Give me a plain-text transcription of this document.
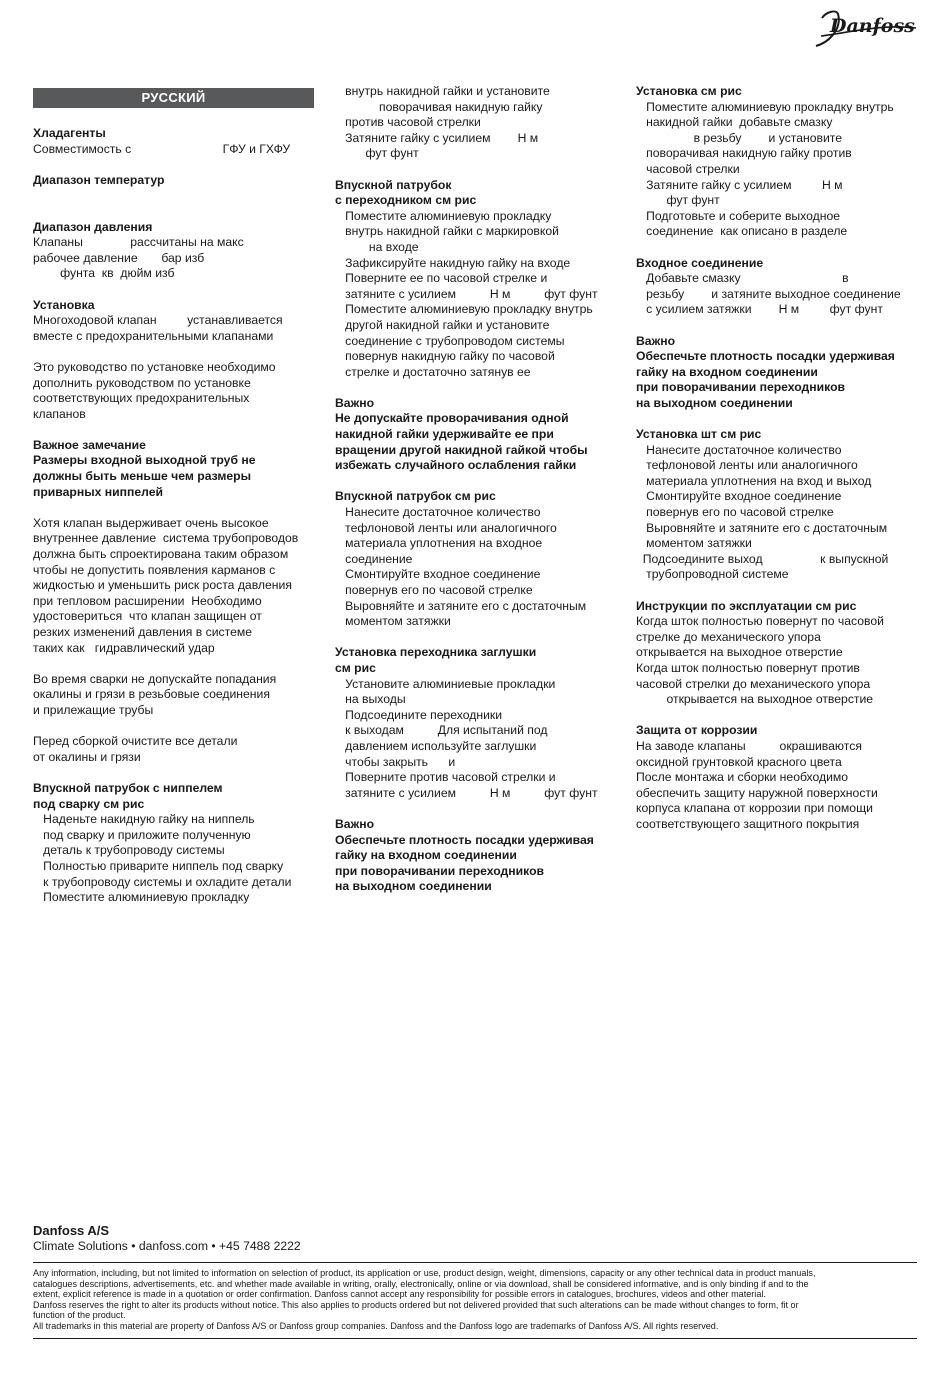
Danfoss
РУССКИЙ
Хладагенты
Совместимость с                           ГФУ и ГХФУ
Диапазон температур
Диапазон давления
Клапаны              рассчитаны на макс
рабочее давление       бар изб
фунта  кв  дюйм изб
Установка
Многоходовой клапан         устанавливается
вместе с предохранительными клапанами
Это руководство по установке необходимо
дополнить руководством по установке
соответствующих предохранительных
клапанов
Важное замечание
Размеры входной выходной труб не
должны быть меньше чем размеры
приварных ниппелей
Хотя клапан выдерживает очень высокое
внутреннее давление  система трубопроводов
должна быть спроектирована таким образом
чтобы не допустить появления карманов с
жидкостью и уменьшить риск роста давления
при тепловом расширении  Необходимо
удостовериться  что клапан защищен от
резких изменений давления в системе
таких как   гидравлический удар
Во время сварки не допускайте попадания
окалины и грязи в резьбовые соединения
и прилежащие трубы
Перед сборкой очистите все детали
от окалины и грязи
Впускной патрубок с ниппелем
под сварку см рис
Наденьте накидную гайку на ниппель
под сварку и приложите полученную
деталь к трубопроводу системы
Полностью приварите ниппель под сварку
к трубопроводу системы и охладите детали
Поместите алюминиевую прокладку
внутрь накидной гайки и установите
поворачивая накидную гайку
против часовой стрелки
Затяните гайку с усилием        Н м
фут фунт
Впускной патрубок
с переходником см рис
Поместите алюминиевую прокладку
внутрь накидной гайки с маркировкой
на входе
Зафиксируйте накидную гайку на входе
Поверните ее по часовой стрелке и
затяните с усилием          Н м          фут фунт
Поместите алюминиевую прокладку внутрь
другой накидной гайки и установите
соединение с трубопроводом системы
повернув накидную гайку по часовой
стрелке и достаточно затянув ее
Важно
Не допускайте проворачивания одной
накидной гайки удерживайте ее при
вращении другой накидной гайкой чтобы
избежать случайного ослабления гайки
Впускной патрубок см рис
Нанесите достаточное количество
тефлоновой ленты или аналогичного
материала уплотнения на входное
соединение
Смонтируйте входное соединение
повернув его по часовой стрелке
Выровняйте и затяните его с достаточным
моментом затяжки
Установка переходника заглушки
см рис
Установите алюминиевые прокладки
на выходы
Подсоедините переходники
к выходам          Для испытаний под
давлением используйте заглушки
чтобы закрыть      и
Поверните против часовой стрелки и
затяните с усилием          Н м          фут фунт
Важно
Обеспечьте плотность посадки удерживая
гайку на входном соединении
при поворачивании переходников
на выходном соединении
Установка см рис
Поместите алюминиевую прокладку внутрь
накидной гайки  добавьте смазку
в резьбу        и установите
поворачивая накидную гайку против
часовой стрелки
Затяните гайку с усилием         Н м
фут фунт
Подготовьте и соберите выходное
соединение  как описано в разделе
Входное соединение
Добавьте смазку                              в
резьбу        и затяните выходное соединение
с усилием затяжки        Н м         фут фунт
Важно
Обеспечьте плотность посадки удерживая
гайку на входном соединении
при поворачивании переходников
на выходном соединении
Установка шт см рис
Нанесите достаточное количество
тефлоновой ленты или аналогичного
материала уплотнения на вход и выход
Смонтируйте входное соединение
повернув его по часовой стрелке
Выровняйте и затяните его с достаточным
моментом затяжки
Подсоедините выход                 к выпускной
трубопроводной системе
Инструкции по эксплуатации см рис
Когда шток полностью повернут по часовой
стрелке до механического упора
открывается на выходное отверстие
Когда шток полностью повернут против
часовой стрелки до механического упора
открывается на выходное отверстие
Защита от коррозии
На заводе клапаны          окрашиваются
оксидной грунтовкой красного цвета
После монтажа и сборки необходимо
обеспечить защиту наружной поверхности
корпуса клапана от коррозии при помощи
соответствующего защитного покрытия
Danfoss A/S
Climate Solutions • danfoss.com • +45 7488 2222
Any information, including, but not limited to information on selection of product, its application or use, product design, weight, dimensions, capacity or any other technical data in product manuals,
catalogues descriptions, advertisements, etc. and whether made available in writing, orally, electronically, online or via download, shall be considered informative, and is only binding if and to the
extent, explicit reference is made in a quotation or order confirmation. Danfoss cannot accept any responsibility for possible errors in catalogues, brochures, videos and other material.
Danfoss reserves the right to alter its products without notice. This also applies to products ordered but not delivered provided that such alterations can be made without changes to form, fit or
function of the product.
All trademarks in this material are property of Danfoss A/S or Danfoss group companies. Danfoss and the Danfoss logo are trademarks of Danfoss A/S. All rights reserved.
